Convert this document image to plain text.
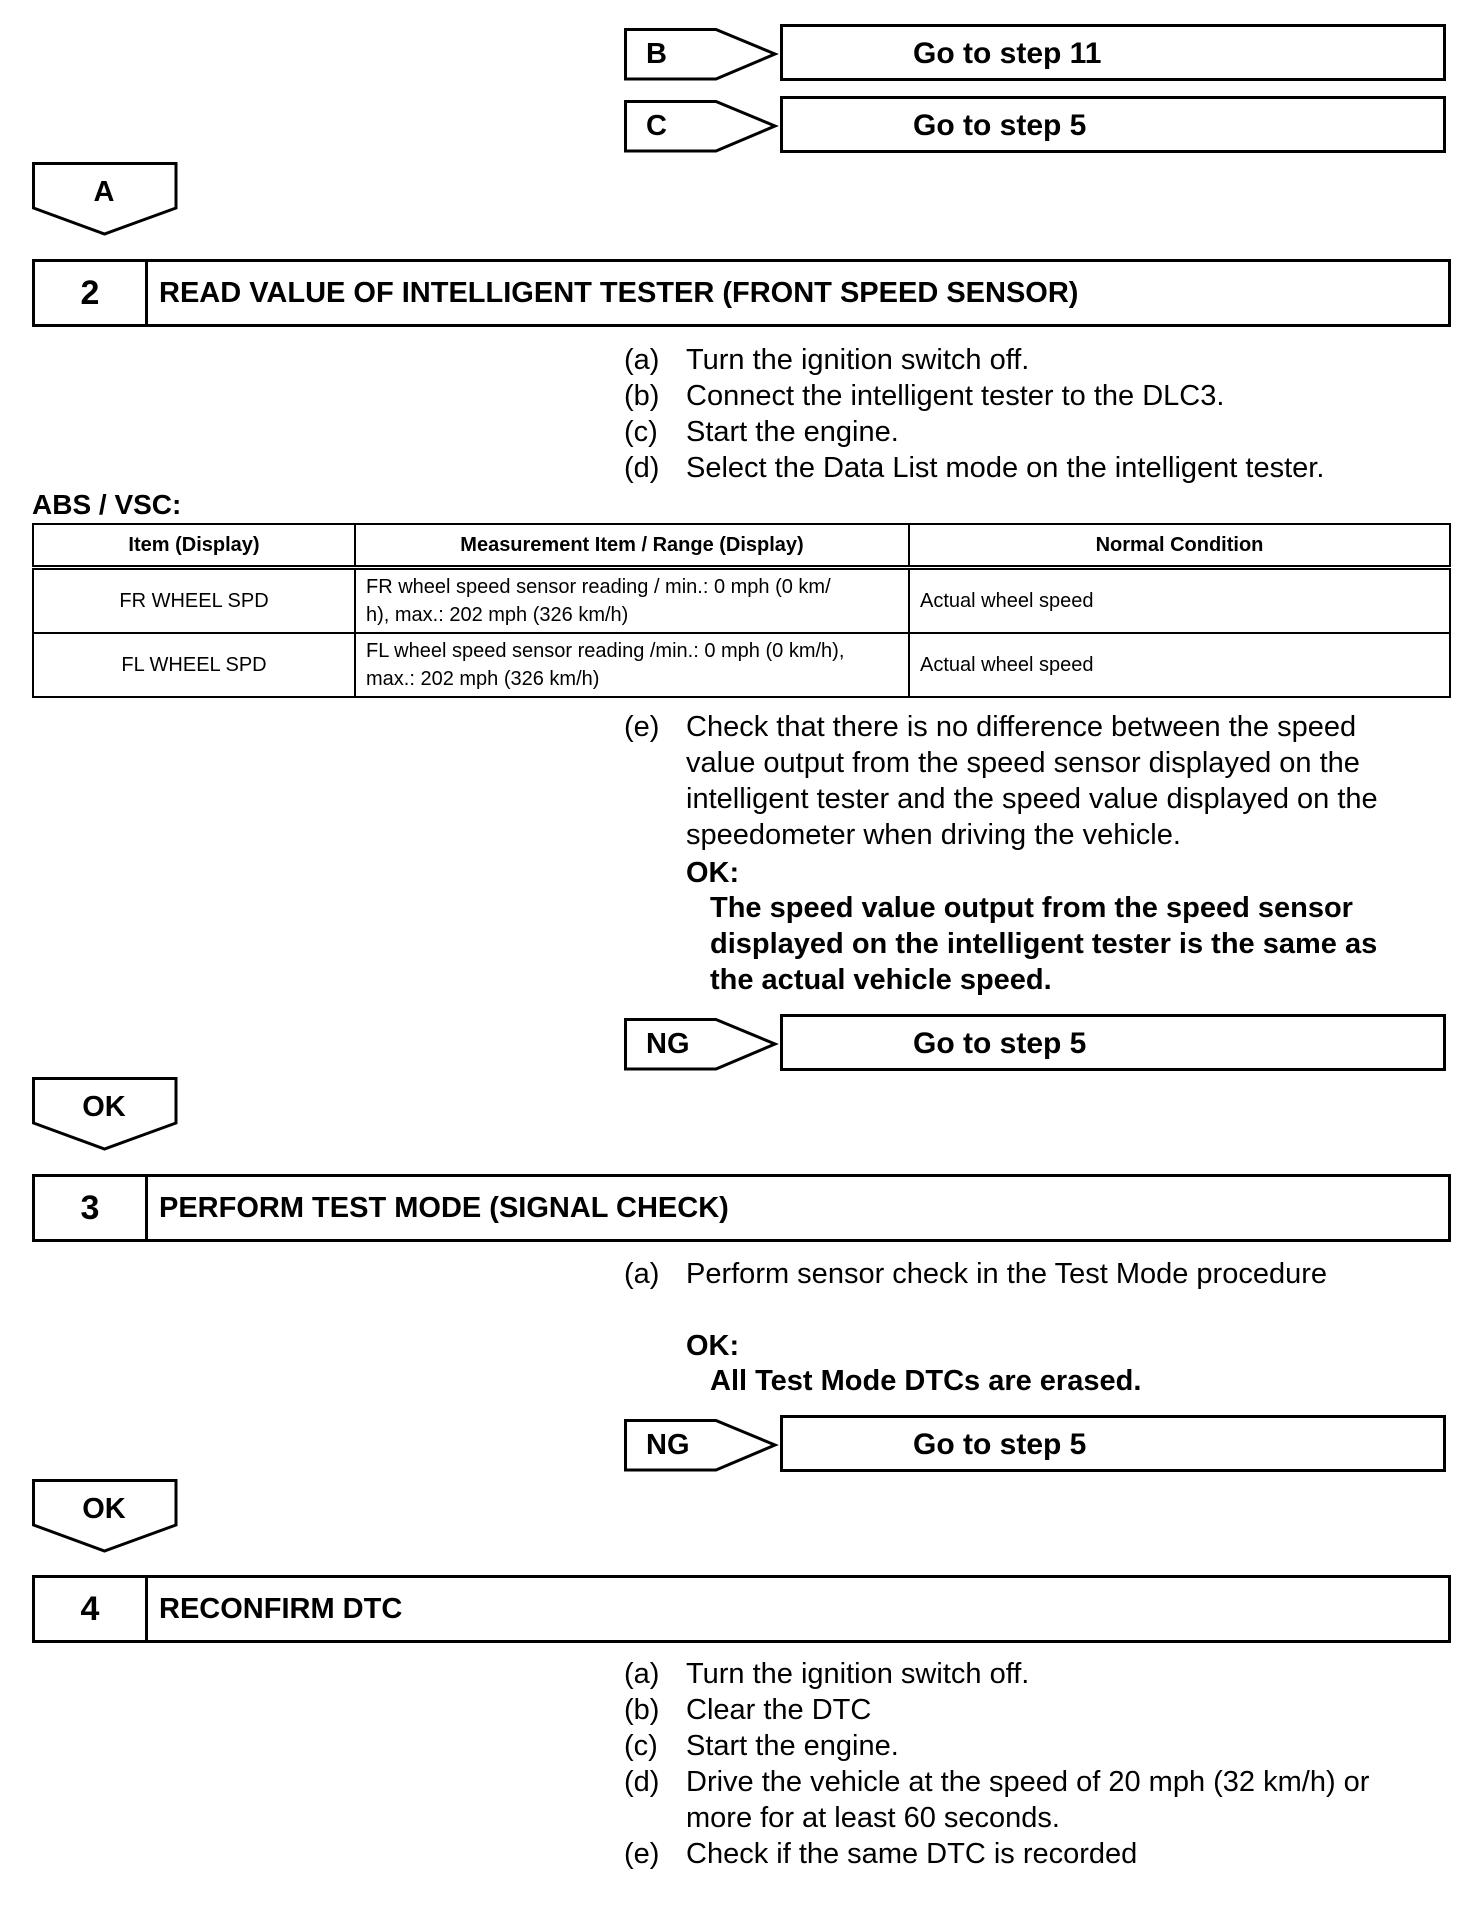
B	Go to step 11
C	Go to step 5
A
2	READ VALUE OF INTELLIGENT TESTER (FRONT SPEED SENSOR)
(a) Turn the ignition switch off.
(b) Connect the intelligent tester to the DLC3.
(c) Start the engine.
(d) Select the Data List mode on the intelligent tester.
ABS / VSC:
Item (Display)	Measurement Item / Range (Display)	Normal Condition
FR WHEEL SPD	FR wheel speed sensor reading / min.: 0 mph (0 km/
h), max.: 202 mph (326 km/h)	Actual wheel speed
FL WHEEL SPD	FL wheel speed sensor reading /min.: 0 mph (0 km/h),
max.: 202 mph (326 km/h)	Actual wheel speed
(e) Check that there is no difference between the speed
value output from the speed sensor displayed on the
intelligent tester and the speed value displayed on the
speedometer when driving the vehicle.
OK:
The speed value output from the speed sensor
displayed on the intelligent tester is the same as
the actual vehicle speed.
NG	Go to step 5
OK
3	PERFORM TEST MODE (SIGNAL CHECK)
(a) Perform sensor check in the Test Mode procedure
OK:
All Test Mode DTCs are erased.
NG	Go to step 5
OK
4	RECONFIRM DTC
(a) Turn the ignition switch off.
(b) Clear the DTC
(c) Start the engine.
(d) Drive the vehicle at the speed of 20 mph (32 km/h) or
more for at least 60 seconds.
(e) Check if the same DTC is recorded
